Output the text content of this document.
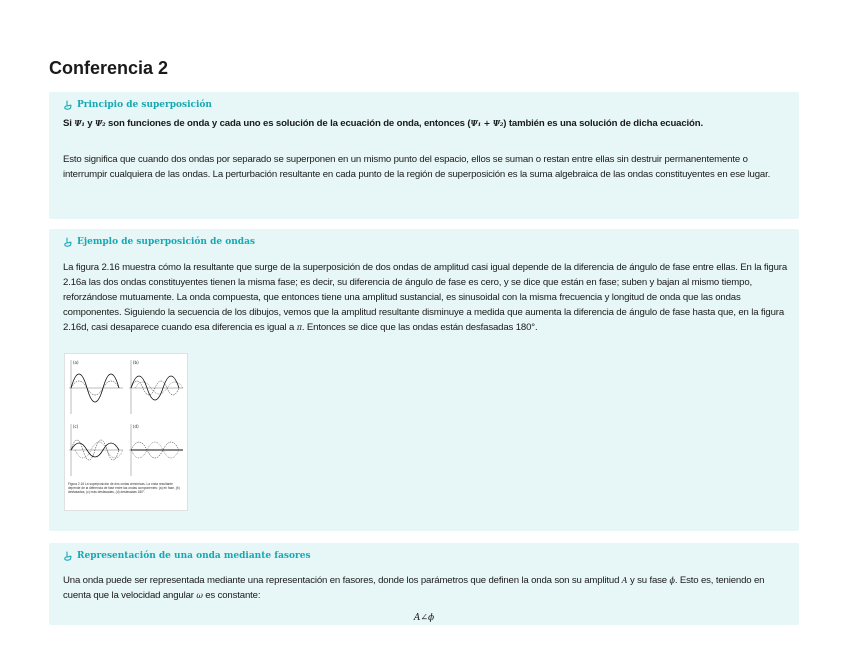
Conferencia 2
Principio de superposición

Si Ψ₁ y Ψ₂ son funciones de onda y cada uno es solución de la ecuación de onda, entonces (Ψ₁ + Ψ₂) también es una solución de dicha ecuación.

Esto significa que cuando dos ondas por separado se superponen en un mismo punto del espacio, ellos se suman o restan entre ellas sin destruir permanentemente o interrumpir cualquiera de las ondas. La perturbación resultante en cada punto de la región de superposición es la suma algebraica de las ondas constituyentes en ese lugar.

Ejemplo de superposición de ondas

La figura 2.16 muestra cómo la resultante que surge de la superposición de dos ondas de amplitud casi igual depende de la diferencia de ángulo de fase entre ellas. En la figura 2.16a las dos ondas constituyentes tienen la misma fase; es decir, su diferencia de ángulo de fase es cero, y se dice que están en fase; suben y bajan al mismo tiempo, reforzándose mutuamente. La onda compuesta, que entonces tiene una amplitud sustancial, es sinusoidal con la misma frecuencia y longitud de onda que las ondas componentes. Siguiendo la secuencia de los dibujos, vemos que la amplitud resultante disminuye a medida que aumenta la diferencia de ángulo de fase hasta que, en la figura 2.16d, casi desaparece cuando esa diferencia es igual a π. Entonces se dice que las ondas están desfasadas 180°.

(a)	(b)
(c)	(d)
Figura 2.16 La superposición de dos ondas armónicas. La onda resultante depende de la diferencia de fase entre las ondas componentes: (a) en fase, (b) desfasadas, (c) más desfasadas, (d) desfasadas 180°.
Representación de una onda mediante fasores

Una onda puede ser representada mediante una representación en fasores, donde los parámetros que definen la onda son su amplitud A y su fase ϕ. Esto es, teniendo en cuenta que la velocidad angular ω es constante:

A∠ϕ
